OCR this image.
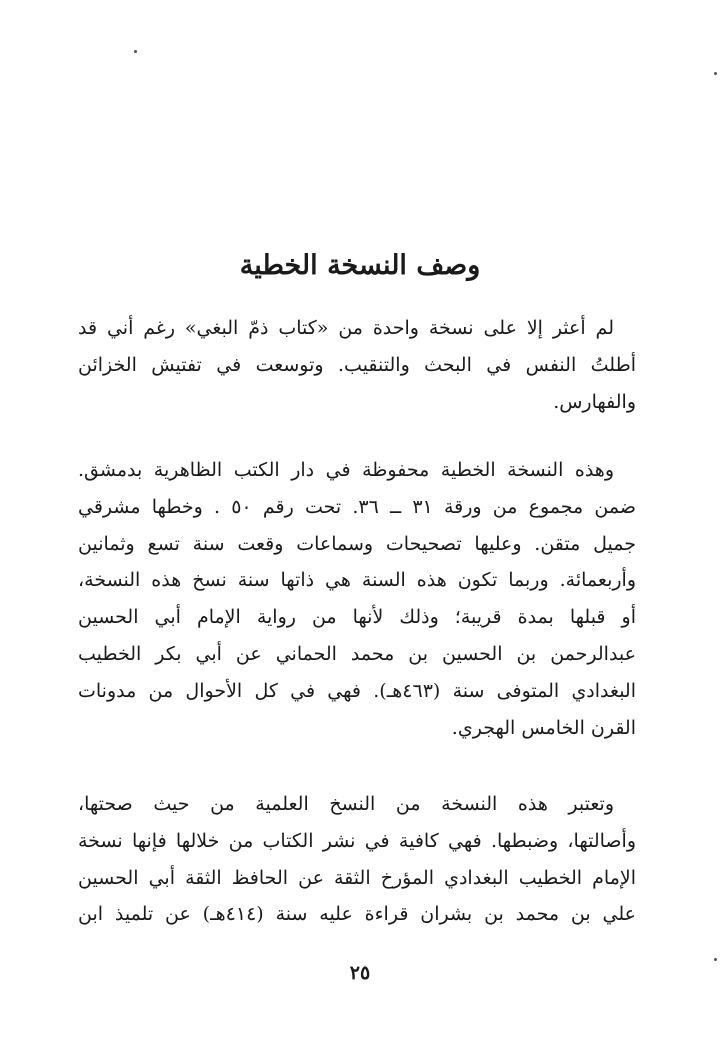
وصف النسخة الخطية
لم أعثر إلا على نسخة واحدة من «كتاب ذمّ البغي» رغم أني قد
أطلتُ النفس في البحث والتنقيب. وتوسعت في تفتيش الخزائن
والفهارس.
وهذه النسخة الخطية محفوظة في دار الكتب الظاهرية بدمشق.
ضمن مجموع من ورقة ٣١ ــ ٣٦. تحت رقم ٥٠ . وخطها مشرقي
جميل متقن. وعليها تصحيحات وسماعات وقعت سنة تسع وثمانين
وأربعمائة. وربما تكون هذه السنة هي ذاتها سنة نسخ هذه النسخة،
أو قبلها بمدة قريبة؛ وذلك لأنها من رواية الإمام أبي الحسين
عبدالرحمن بن الحسين بن محمد الحماني عن أبي بكر الخطيب
البغدادي المتوفى سنة (٤٦٣هـ). فهي في كل الأحوال من مدونات
القرن الخامس الهجري.
وتعتبر هذه النسخة من النسخ العلمية من حيث صحتها،
وأصالتها، وضبطها. فهي كافية في نشر الكتاب من خلالها فإنها نسخة
الإمام الخطيب البغدادي المؤرخ الثقة عن الحافظ الثقة أبي الحسين
علي بن محمد بن بشران قراءة عليه سنة (٤١٤هـ) عن تلميذ ابن
٢٥
